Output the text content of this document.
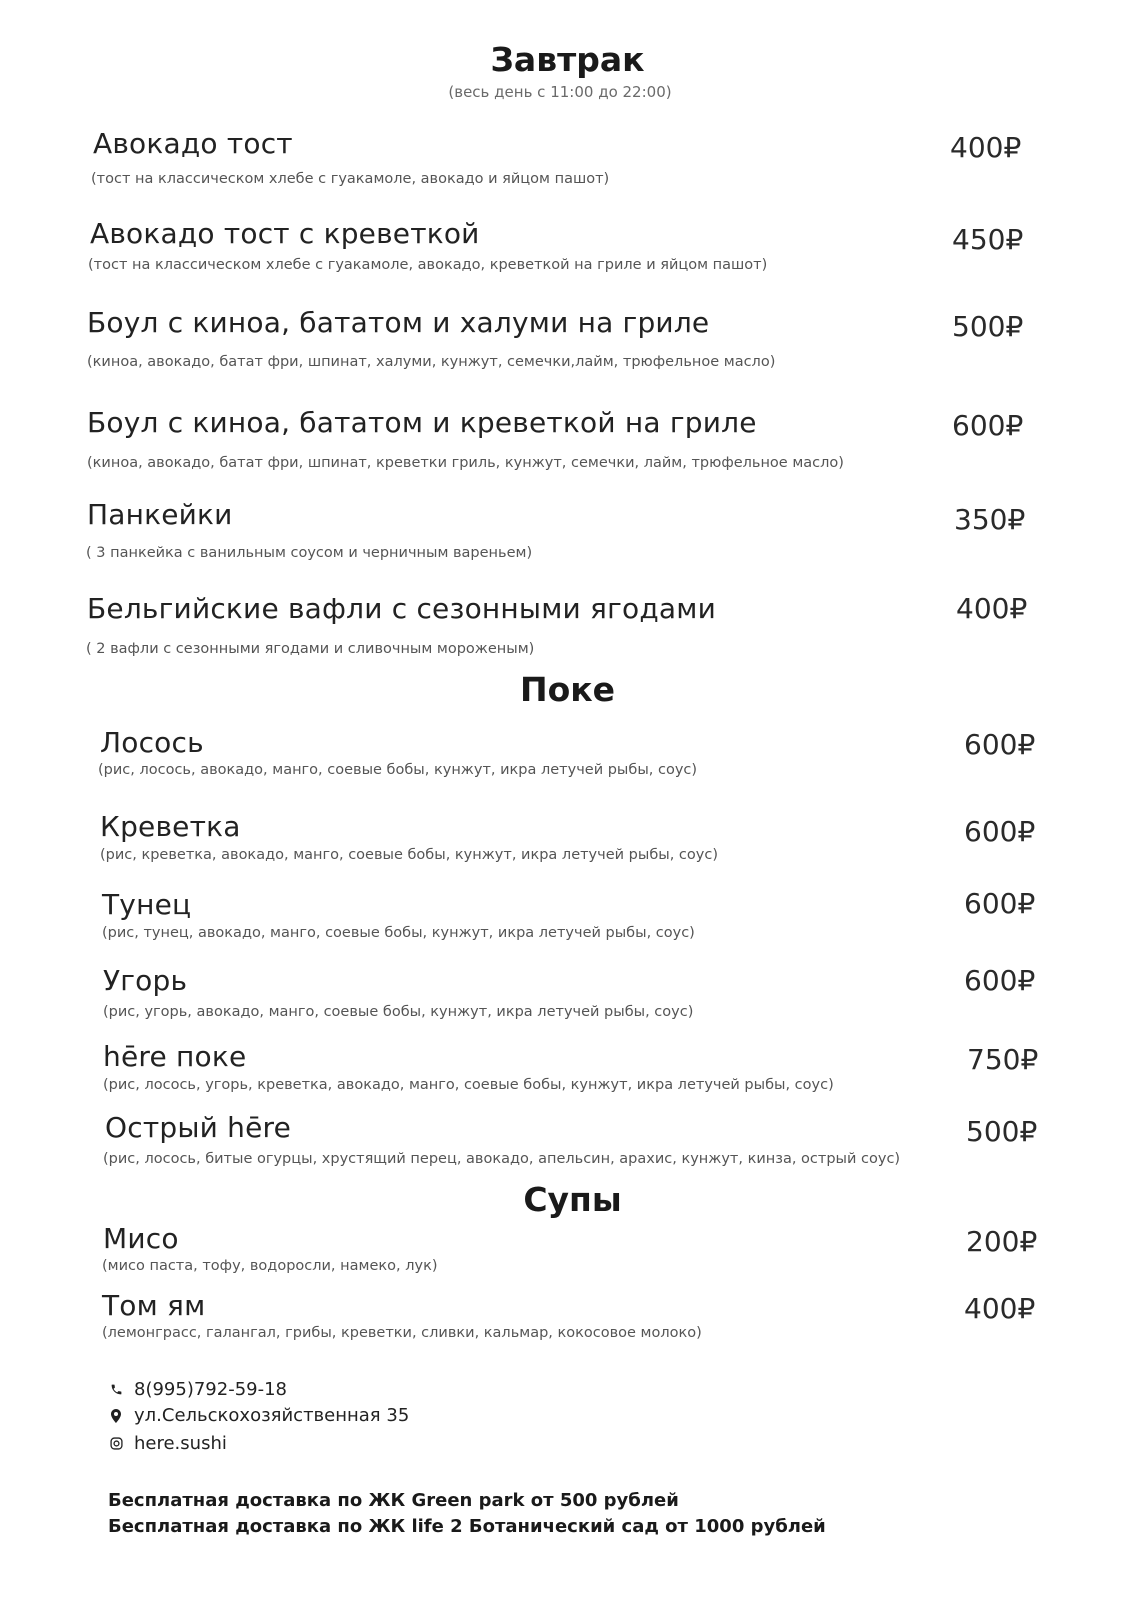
Завтрак
(весь день с 11:00 до 22:00)
Авокадо тост
(тост на классическом хлебе с гуакамоле, авокадо и яйцом пашот)
400₽
Авокадо тост с креветкой
(тост на классическом хлебе с гуакамоле, авокадо, креветкой на гриле и яйцом пашот)
450₽
Боул с киноа, бататом и халуми на гриле
(киноа, авокадо, батат фри, шпинат, халуми, кунжут, семечки,лайм, трюфельное масло)
500₽
Боул с киноа, бататом и креветкой на гриле
(киноа, авокадо, батат фри, шпинат, креветки гриль, кунжут, семечки, лайм, трюфельное масло)
600₽
Панкейки
( 3 панкейка с ванильным соусом и черничным вареньем)
350₽
Бельгийские вафли с сезонными ягодами
( 2 вафли с сезонными ягодами и сливочным мороженым)
400₽
Поке
Лосось
(рис, лосось, авокадо, манго, соевые бобы, кунжут, икра летучей рыбы, соус)
600₽
Креветка
(рис, креветка, авокадо, манго, соевые бобы, кунжут, икра летучей рыбы, соус)
600₽
Тунец
(рис, тунец, авокадо, манго, соевые бобы, кунжут, икра летучей рыбы, соус)
600₽
Угорь
(рис, угорь, авокадо, манго, соевые бобы, кунжут, икра летучей рыбы, соус)
600₽
hēre поке
(рис, лосось, угорь, креветка, авокадо, манго, соевые бобы, кунжут, икра летучей рыбы, соус)
750₽
Острый hēre
(рис, лосось, битые огурцы, хрустящий перец, авокадо, апельсин, арахис, кунжут, кинза, острый соус)
500₽
Супы
Мисо
(мисо паста, тофу, водоросли, намеко, лук)
200₽
Том ям
(лемонграсс, галангал, грибы, креветки, сливки, кальмар, кокосовое молоко)
400₽
8(995)792-59-18
ул.Сельскохозяйственная 35
here.sushi
Бесплатная доставка по ЖК Green park от 500 рублей
Бесплатная доставка по ЖК life 2 Ботанический сад от 1000 рублей
